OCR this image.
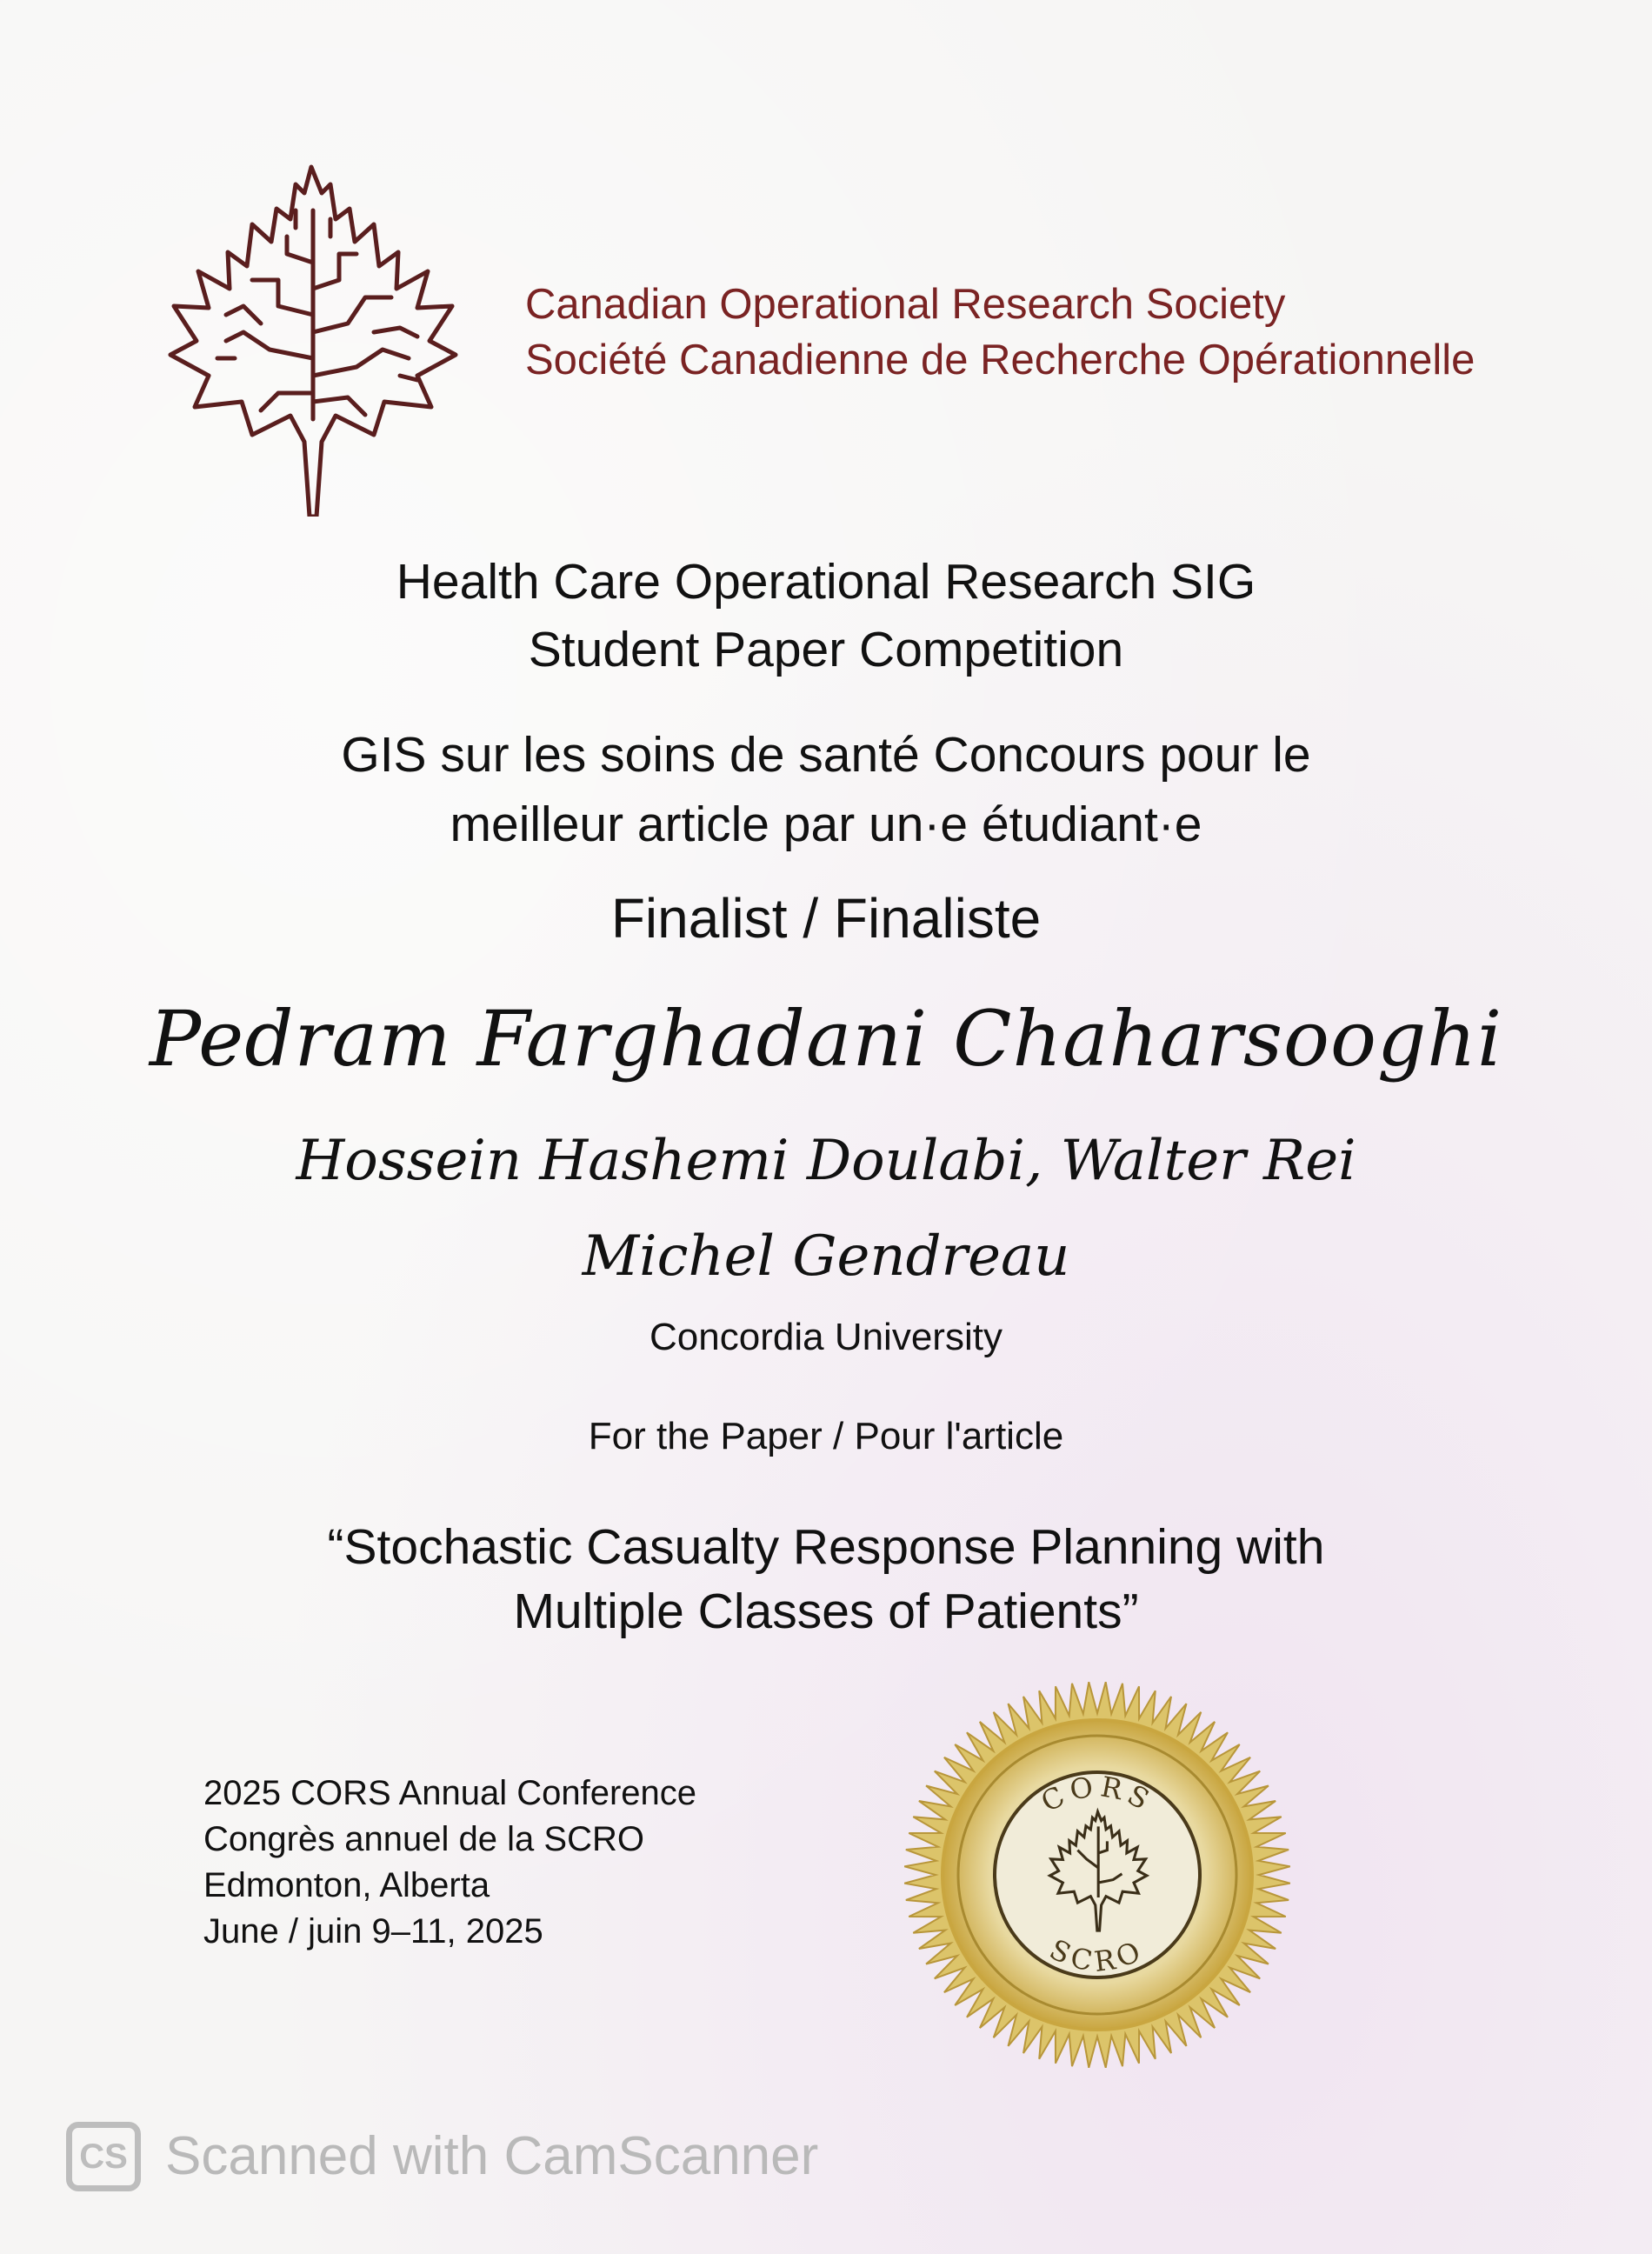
Canadian Operational Research Society
Société Canadienne de Recherche Opérationnelle
Health Care Operational Research SIG
Student Paper Competition
GIS sur les soins de santé Concours pour le
meilleur article par un·e étudiant·e
Finalist / Finaliste
Pedram Farghadani Chaharsooghi
Hossein Hashemi Doulabi, Walter Rei
Michel Gendreau
Concordia University
For the Paper / Pour l'article
“Stochastic Casualty Response Planning with
Multiple Classes of Patients”
2025 CORS Annual Conference
Congrès annuel de la SCRO
Edmonton, Alberta
June / juin 9–11, 2025
CORS
SCRO
CS Scanned with CamScanner
